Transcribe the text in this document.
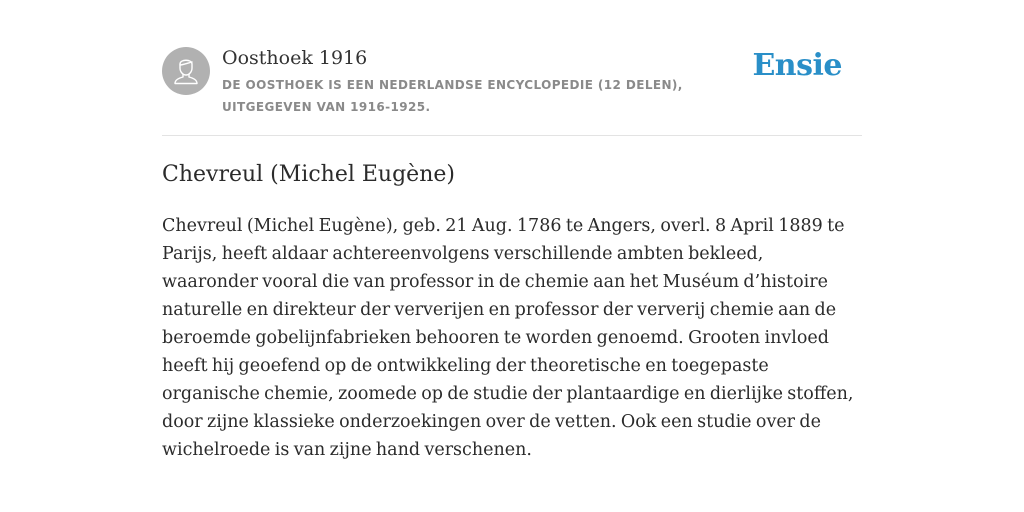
Oosthoek 1916
DE OOSTHOEK IS EEN NEDERLANDSE ENCYCLOPEDIE (12 DELEN), UITGEGEVEN VAN 1916-1925.
Ensie
Chevreul (Michel Eugène)

Chevreul (Michel Eugène), geb. 21 Aug. 1786 te Angers, overl. 8 April 1889 te Parijs, heeft aldaar achtereenvolgens verschillende ambten bekleed, waaronder vooral die van professor in de chemie aan het Muséum d’histoire naturelle en direkteur der ververijen en professor der ververij chemie aan de beroemde gobelijnfabrieken behooren te worden genoemd. Grooten invloed heeft hij geoefend op de ontwikkeling der theoretische en toegepaste organische chemie, zoomede op de studie der plantaardige en dierlijke stoffen, door zijne klassieke onderzoekingen over de vetten. Ook een studie over de wichelroede is van zijne hand verschenen.
